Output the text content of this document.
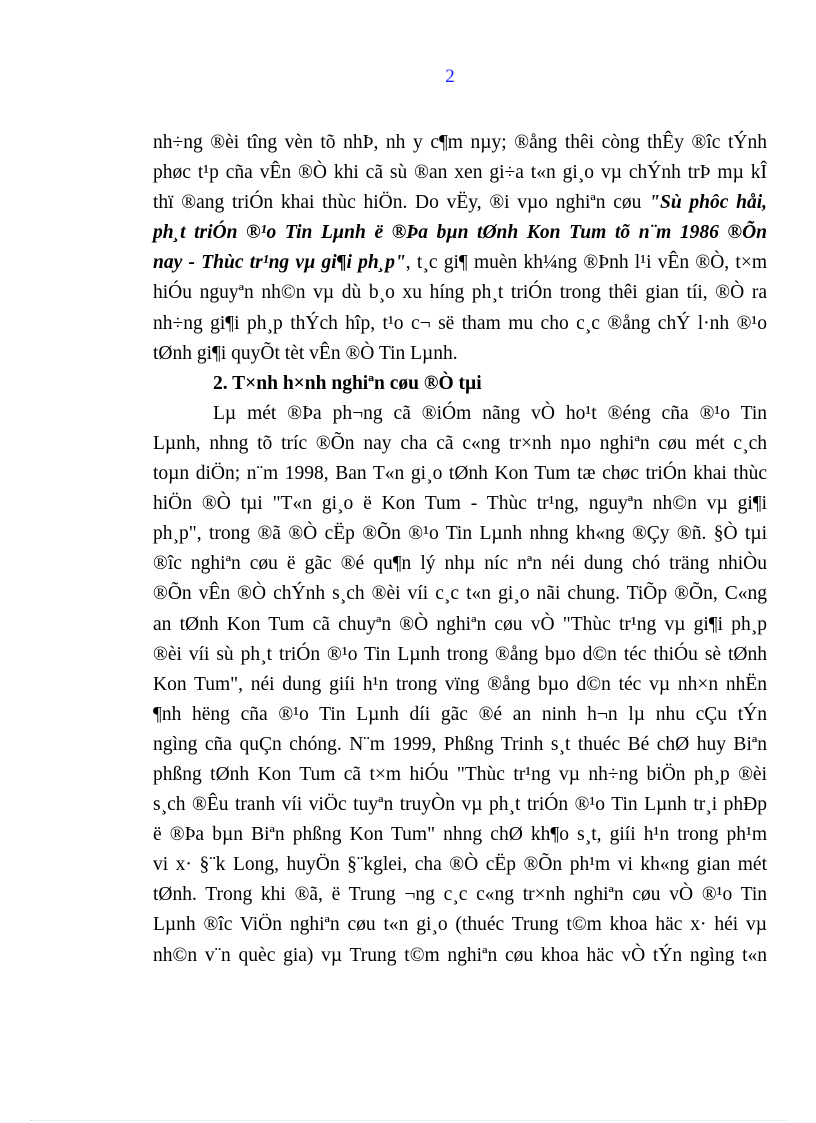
2

nh÷ng ®èi tîng vèn tõ nhÞ, nh y c¶m nµy; ®ång thêi còng thÊy ®îc tÝnh
phøc t¹p cña vÊn ®Ò khi cã sù ®an xen gi÷a t«n gi¸o vµ chÝnh trÞ mµ kÎ
thï ®ang triÓn khai thùc hiÖn. Do vËy, ®i vµo nghiªn cøu "Sù phôc håi,
ph¸t triÓn ®¹o Tin Lµnh ë ®Þa bµn tØnh Kon Tum tõ n¨m 1986 ®Õn
nay - Thùc tr¹ng vµ gi¶i ph¸p", t¸c gi¶ muèn kh¼ng ®Þnh l¹i vÊn ®Ò, t×m
hiÓu nguyªn nh©n vµ dù b¸o xu híng ph¸t triÓn trong thêi gian tíi, ®Ò ra
nh÷ng gi¶i ph¸p thÝch hîp, t¹o c¬ së tham mu cho c¸c ®ång chÝ l·nh ®¹o
tØnh gi¶i quyÕt tèt vÊn ®Ò Tin Lµnh.

2. T×nh h×nh nghiªn cøu ®Ò tµi

Lµ mét ®Þa ph¬ng cã ®iÓm nãng vÒ ho¹t ®éng cña ®¹o Tin
Lµnh, nhng tõ tríc ®Õn nay cha cã c«ng tr×nh nµo nghiªn cøu mét c¸ch
toµn diÖn; n¨m 1998, Ban T«n gi¸o tØnh Kon Tum tæ chøc triÓn khai thùc
hiÖn ®Ò tµi "T«n gi¸o ë Kon Tum - Thùc tr¹ng, nguyªn nh©n vµ gi¶i
ph¸p", trong ®ã ®Ò cËp ®Õn ®¹o Tin Lµnh nhng kh«ng ®Çy ®ñ. §Ò tµi
®îc nghiªn cøu ë gãc ®é qu¶n lý nhµ níc nªn néi dung chó träng nhiÒu
®Õn vÊn ®Ò chÝnh s¸ch ®èi víi c¸c t«n gi¸o nãi chung. TiÕp ®Õn, C«ng
an tØnh Kon Tum cã chuyªn ®Ò nghiªn cøu vÒ "Thùc tr¹ng vµ gi¶i ph¸p
®èi víi sù ph¸t triÓn ®¹o Tin Lµnh trong ®ång bµo d©n téc thiÓu sè tØnh
Kon Tum", néi dung giíi h¹n trong vïng ®ång bµo d©n téc vµ nh×n nhËn
¶nh hëng cña ®¹o Tin Lµnh díi gãc ®é an ninh h¬n lµ nhu cÇu tÝn
ngìng cña quÇn chóng. N¨m 1999, Phßng Trinh s¸t thuéc Bé chØ huy Biªn
phßng tØnh Kon Tum cã t×m hiÓu "Thùc tr¹ng vµ nh÷ng biÖn ph¸p ®èi
s¸ch ®Êu tranh víi viÖc tuyªn truyÒn vµ ph¸t triÓn ®¹o Tin Lµnh tr¸i phÐp
ë ®Þa bµn Biªn phßng Kon Tum" nhng chØ kh¶o s¸t, giíi h¹n trong ph¹m
vi x· §¨k Long, huyÖn §¨kglei, cha ®Ò cËp ®Õn ph¹m vi kh«ng gian mét
tØnh. Trong khi ®ã, ë Trung ¬ng c¸c c«ng tr×nh nghiªn cøu vÒ ®¹o Tin
Lµnh ®îc ViÖn nghiªn cøu t«n gi¸o (thuéc Trung t©m khoa häc x· héi vµ
nh©n v¨n quèc gia) vµ Trung t©m nghiªn cøu khoa häc vÒ tÝn ngìng t«n
